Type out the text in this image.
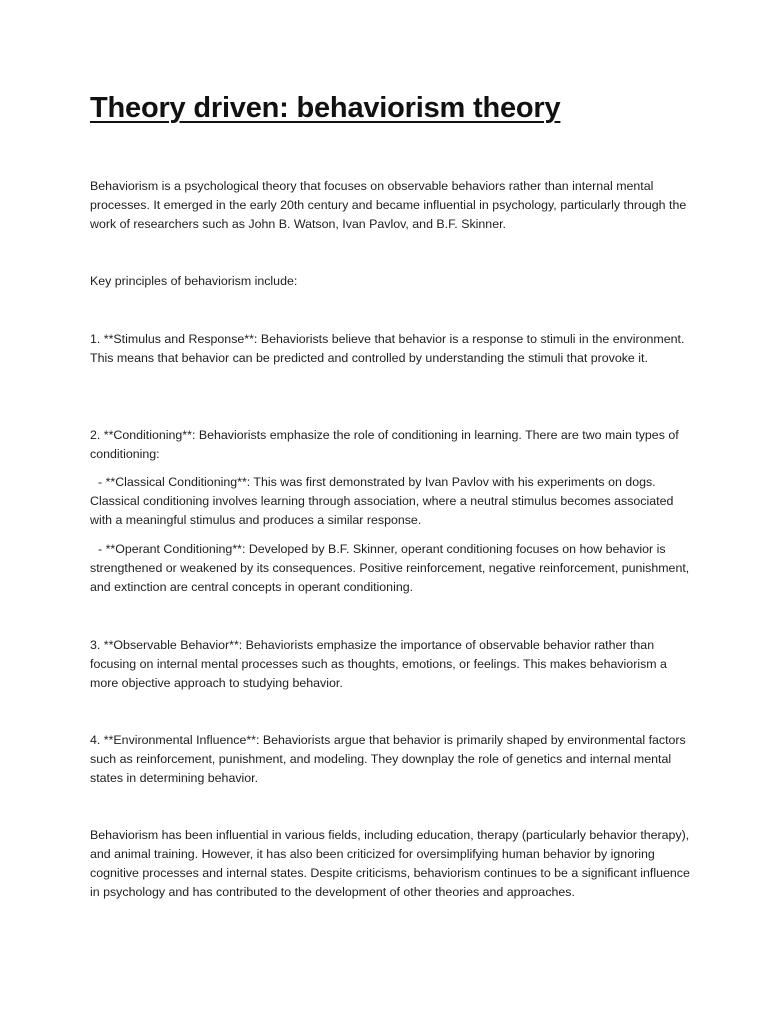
Theory driven: behaviorism theory

Behaviorism is a psychological theory that focuses on observable behaviors rather than internal mental processes. It emerged in the early 20th century and became influential in psychology, particularly through the work of researchers such as John B. Watson, Ivan Pavlov, and B.F. Skinner.

Key principles of behaviorism include:

1. **Stimulus and Response**: Behaviorists believe that behavior is a response to stimuli in the environment. This means that behavior can be predicted and controlled by understanding the stimuli that provoke it.

2. **Conditioning**: Behaviorists emphasize the role of conditioning in learning. There are two main types of conditioning:

- **Classical Conditioning**: This was first demonstrated by Ivan Pavlov with his experiments on dogs. Classical conditioning involves learning through association, where a neutral stimulus becomes associated with a meaningful stimulus and produces a similar response.

- **Operant Conditioning**: Developed by B.F. Skinner, operant conditioning focuses on how behavior is strengthened or weakened by its consequences. Positive reinforcement, negative reinforcement, punishment, and extinction are central concepts in operant conditioning.

3. **Observable Behavior**: Behaviorists emphasize the importance of observable behavior rather than focusing on internal mental processes such as thoughts, emotions, or feelings. This makes behaviorism a more objective approach to studying behavior.

4. **Environmental Influence**: Behaviorists argue that behavior is primarily shaped by environmental factors such as reinforcement, punishment, and modeling. They downplay the role of genetics and internal mental states in determining behavior.

Behaviorism has been influential in various fields, including education, therapy (particularly behavior therapy), and animal training. However, it has also been criticized for oversimplifying human behavior by ignoring cognitive processes and internal states. Despite criticisms, behaviorism continues to be a significant influence in psychology and has contributed to the development of other theories and approaches.
